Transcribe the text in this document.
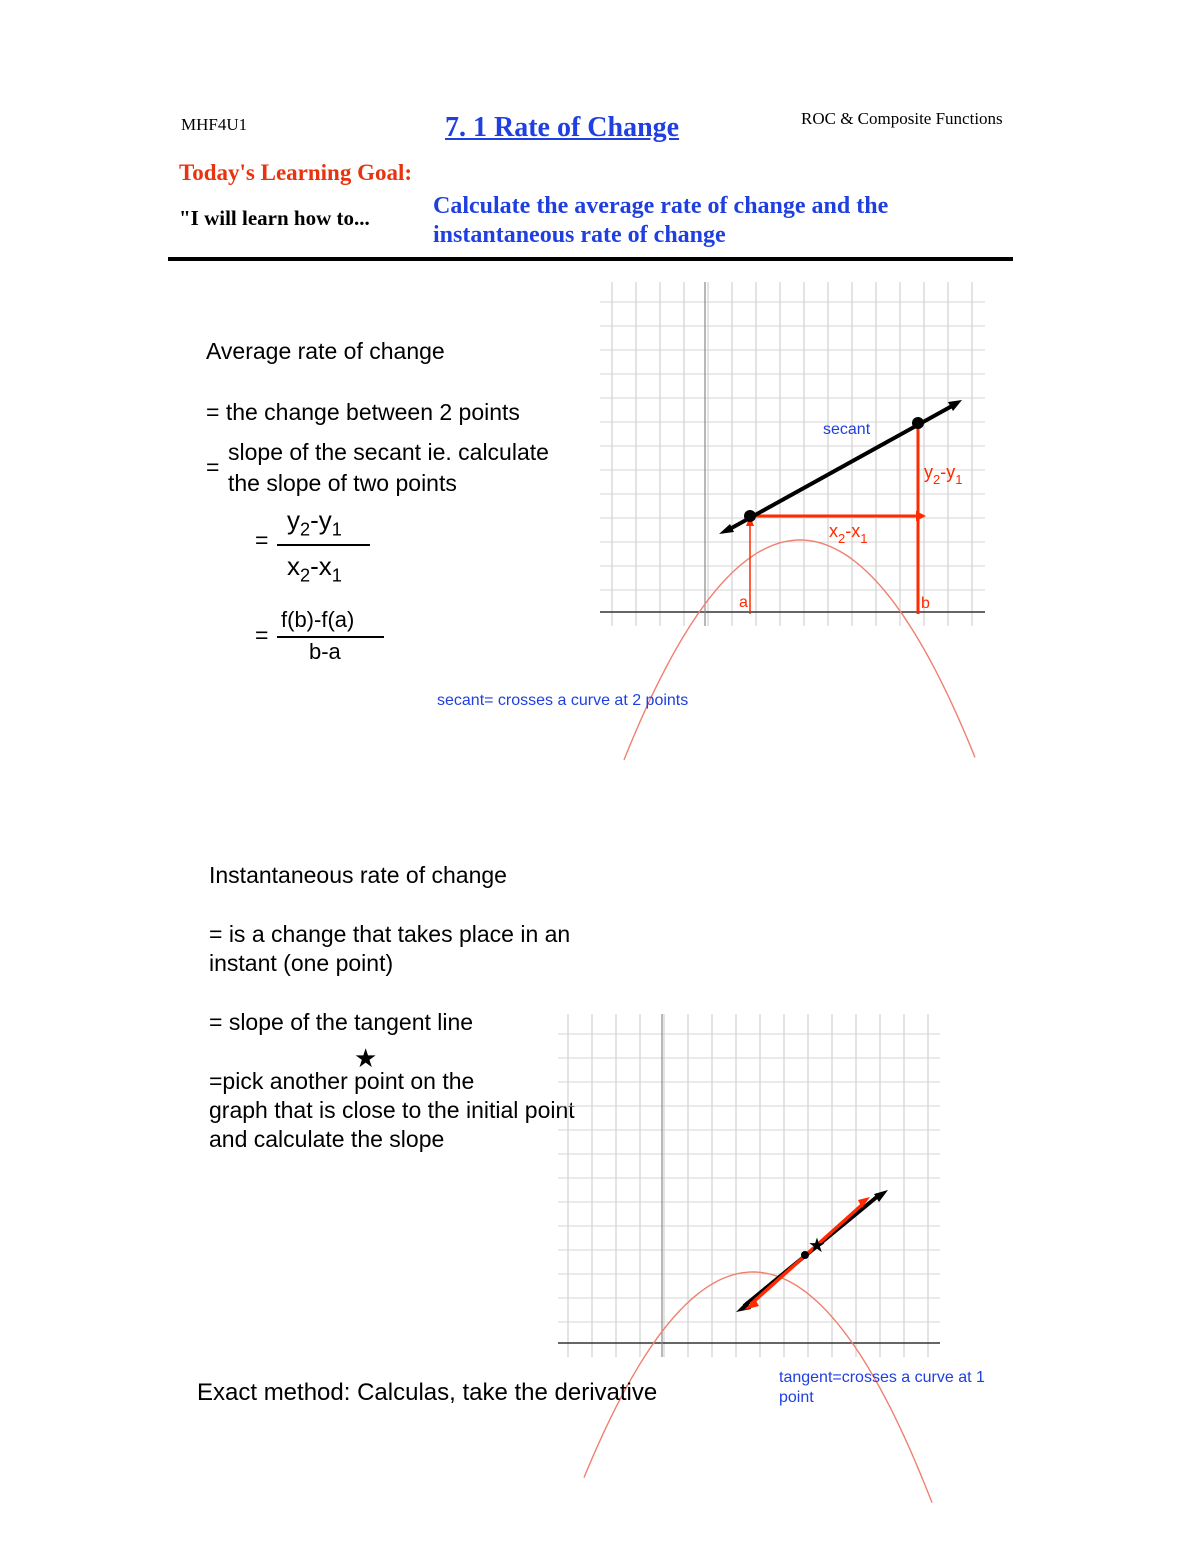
MHF4U1	7. 1 Rate of Change	ROC & Composite Functions
Today's Learning Goal:
"I will learn how to...	Calculate the average rate of change and the instantaneous rate of change
Average rate of change
= the change between 2 points
=
slope of the secant ie. calculate
the slope of two points
=
$y_2-y_1$
$x_2-x_1$
=
f(b)-f(a)
b-a
secant
$y_2-y_1$
$x_2-x_1$
a	b
secant= crosses a curve at 2 points
Instantaneous rate of change
= is a change that takes place in an
instant (one point)
= slope of the tangent line
=pick another point on the
graph that is close to the initial point
and calculate the slope
★
★
Exact method: Calculas, take the derivative
tangent=crosses a curve at 1 point
